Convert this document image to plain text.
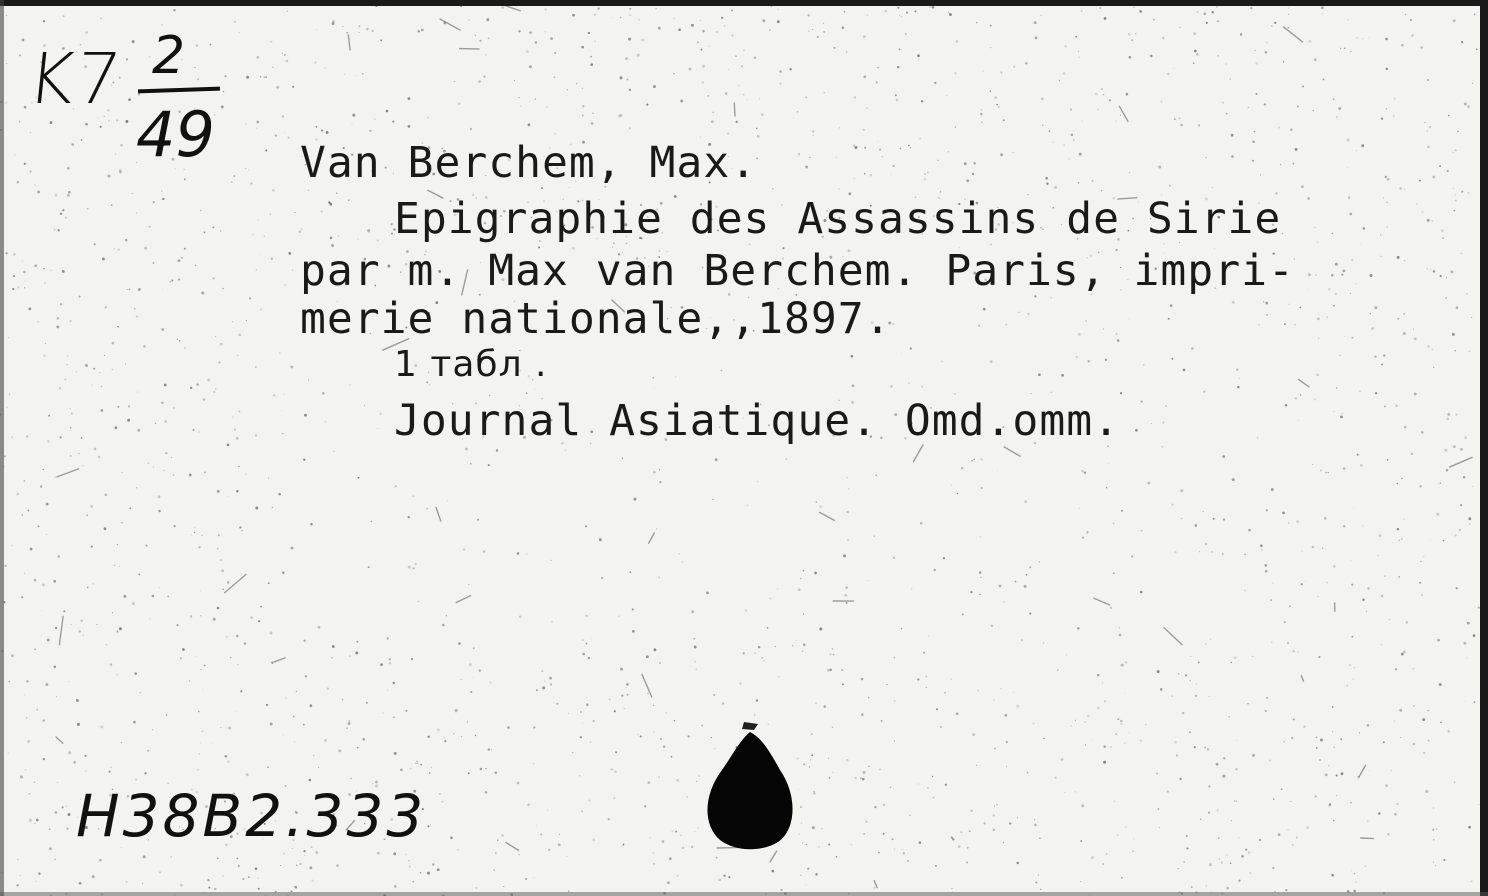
K7 2
49 Van Berchem, Max.
Epigraphie des Assassins de Sirie
par m. Max van Berchem. Paris, impri-
merie nationale,,1897.
1 табл .
Journal Asiatique. Omd.omm.
H38B2.333
